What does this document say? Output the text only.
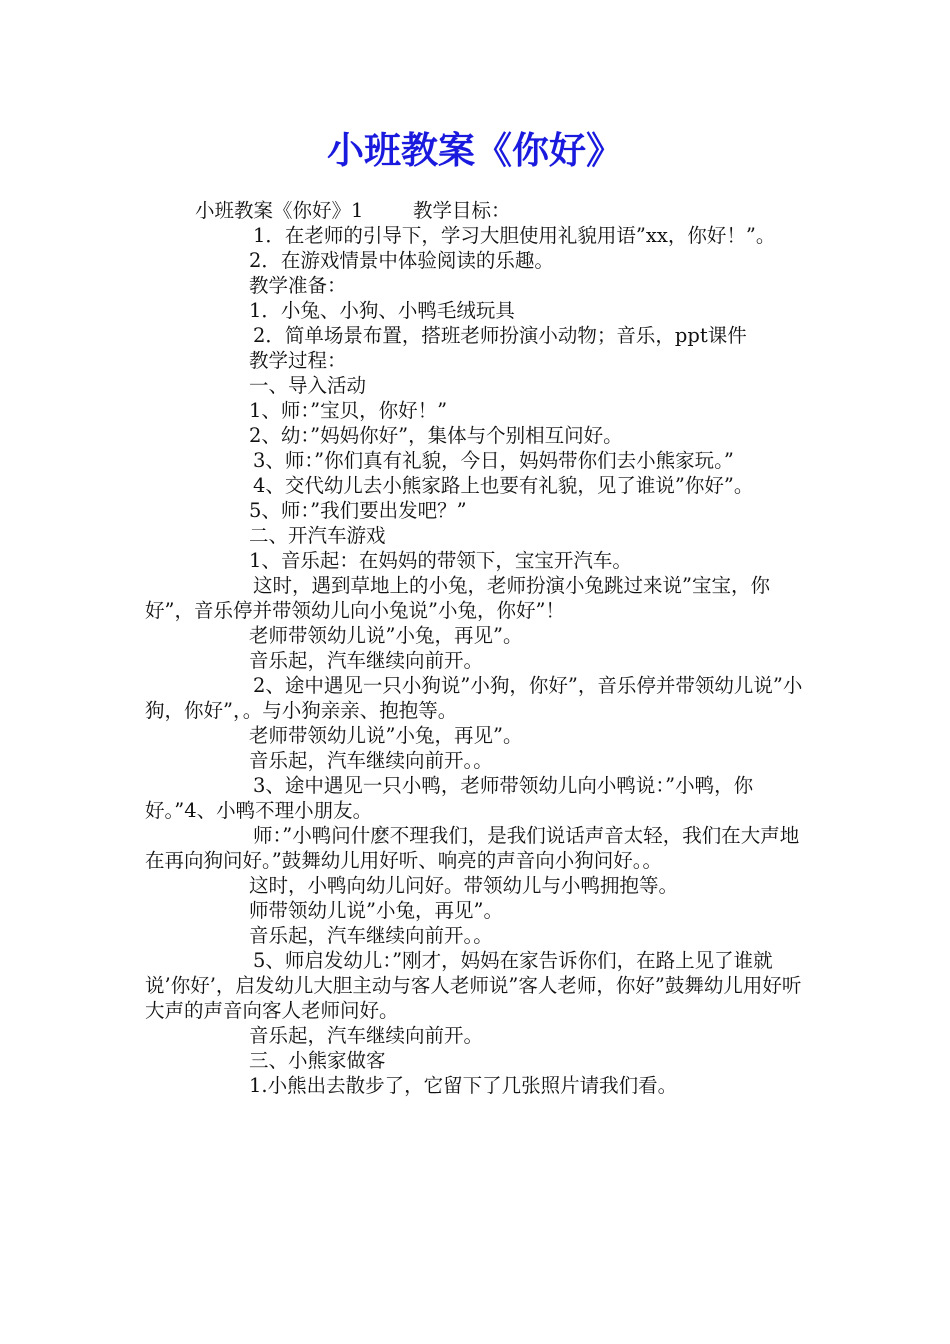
小班教案《你好》

小班教案《你好》1        教学目标：

1．在老师的引导下，学习大胆使用礼貌用语”xx，你好！”。

2．在游戏情景中体验阅读的乐趣。

教学准备：

1．小兔、小狗、小鸭毛绒玩具

2．简单场景布置，搭班老师扮演小动物；音乐，ppt课件

教学过程：

一、导入活动

1、师：”宝贝，你好！”

2、幼：”妈妈你好”，集体与个别相互问好。

3、师：”你们真有礼貌，今日，妈妈带你们去小熊家玩。”

4、交代幼儿去小熊家路上也要有礼貌，见了谁说”你好”。

5、师：”我们要出发吧？”

二、开汽车游戏

1、音乐起：在妈妈的带领下，宝宝开汽车。

这时，遇到草地上的小兔，老师扮演小兔跳过来说”宝宝，你好”，音乐停并带领幼儿向小兔说”小兔，你好”！

老师带领幼儿说”小兔，再见”。

音乐起，汽车继续向前开。

2、途中遇见一只小狗说”小狗，你好”，音乐停并带领幼儿说”小狗，你好”，。与小狗亲亲、抱抱等。

老师带领幼儿说”小兔，再见”。

音乐起，汽车继续向前开。。

3、途中遇见一只小鸭，老师带领幼儿向小鸭说：”小鸭，你好。”4、小鸭不理小朋友。

师：”小鸭问什麽不理我们，是我们说话声音太轻，我们在大声地在再向狗问好。”鼓舞幼儿用好听、响亮的声音向小狗问好。。

这时，小鸭向幼儿问好。带领幼儿与小鸭拥抱等。

师带领幼儿说”小兔，再见”。

音乐起，汽车继续向前开。。

5、师启发幼儿：”刚才，妈妈在家告诉你们，在路上见了谁就说’你好’，启发幼儿大胆主动与客人老师说”客人老师，你好”鼓舞幼儿用好听大声的声音向客人老师问好。

音乐起，汽车继续向前开。

三、小熊家做客

1.小熊出去散步了，它留下了几张照片请我们看。
